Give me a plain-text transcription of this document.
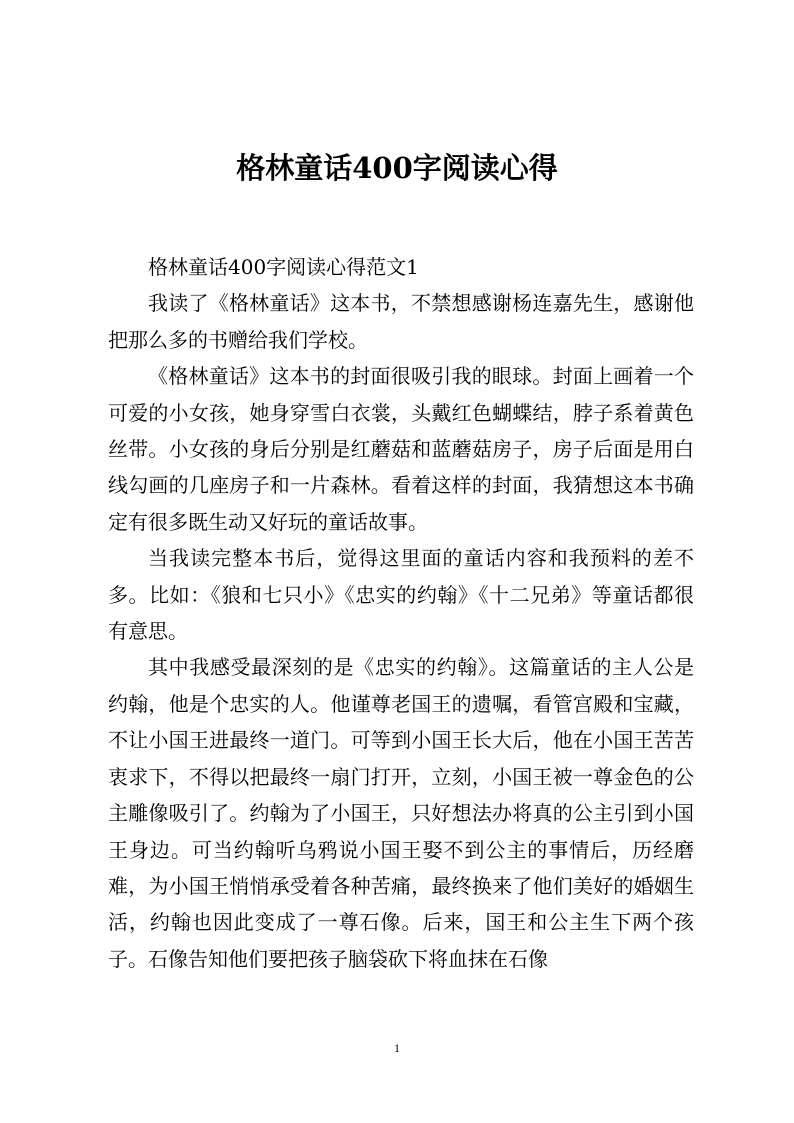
格林童话400字阅读心得

格林童话400字阅读心得范文1

我读了《格林童话》这本书，不禁想感谢杨连嘉先生，感谢他把那么多的书赠给我们学校。

《格林童话》这本书的封面很吸引我的眼球。封面上画着一个可爱的小女孩，她身穿雪白衣裳，头戴红色蝴蝶结，脖子系着黄色丝带。小女孩的身后分别是红蘑菇和蓝蘑菇房子，房子后面是用白线勾画的几座房子和一片森林。看着这样的封面，我猜想这本书确定有很多既生动又好玩的童话故事。

当我读完整本书后，觉得这里面的童话内容和我预料的差不多。比如：《狼和七只小》《忠实的约翰》《十二兄弟》等童话都很有意思。

其中我感受最深刻的是《忠实的约翰》。这篇童话的主人公是约翰，他是个忠实的人。他谨尊老国王的遗嘱，看管宫殿和宝藏，不让小国王进最终一道门。可等到小国王长大后，他在小国王苦苦衷求下，不得以把最终一扇门打开，立刻，小国王被一尊金色的公主雕像吸引了。约翰为了小国王，只好想法办将真的公主引到小国王身边。可当约翰听乌鸦说小国王娶不到公主的事情后，历经磨难，为小国王悄悄承受着各种苦痛，最终换来了他们美好的婚姻生活，约翰也因此变成了一尊石像。后来，国王和公主生下两个孩子。石像告知他们要把孩子脑袋砍下将血抹在石像

1
